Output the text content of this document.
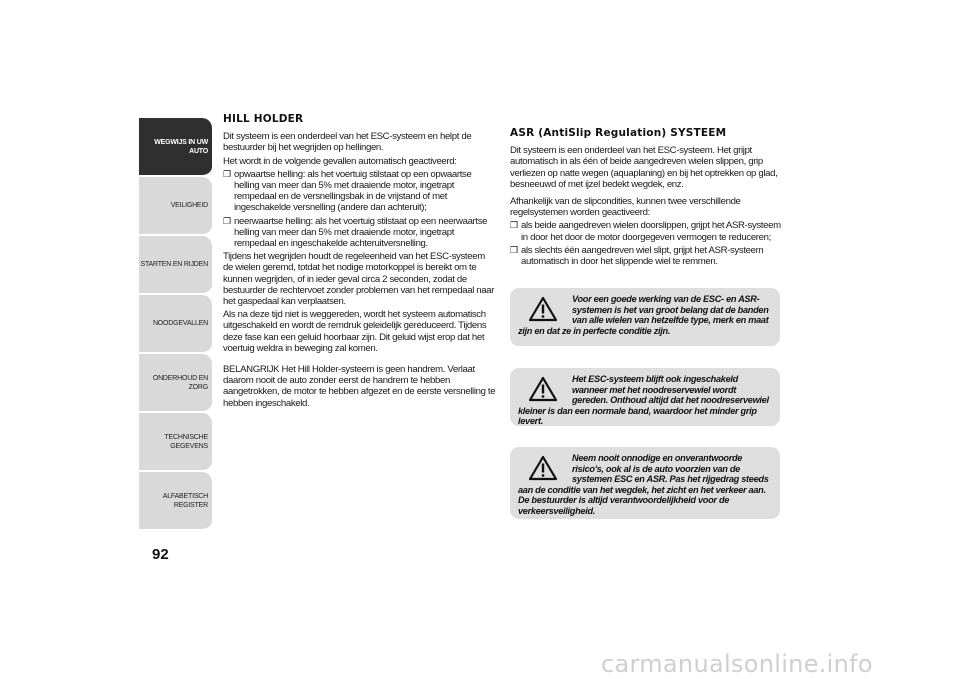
WEGWIJS IN UW
AUTO
VEILIGHEID
STARTEN EN RIJDEN
NOODGEVALLEN
ONDERHOUD EN
ZORG
TECHNISCHE
GEGEVENS
ALFABETISCH
REGISTER
92
HILL HOLDER

Dit systeem is een onderdeel van het ESC-systeem en helpt de bestuurder bij het wegrijden op hellingen.

Het wordt in de volgende gevallen automatisch geactiveerd:

❒ opwaartse helling: als het voertuig stilstaat op een opwaartse helling van meer dan 5% met draaiende motor, ingetrapt rempedaal en de versnellingsbak in de vrijstand of met ingeschakelde versnelling (andere dan achteruit);
❒ neerwaartse helling: als het voertuig stilstaat op een neerwaartse helling van meer dan 5% met draaiende motor, ingetrapt rempedaal en ingeschakelde achteruitversnelling.

Tijdens het wegrijden houdt de regeleenheid van het ESC-systeem de wielen geremd, totdat het nodige motorkoppel is bereikt om te kunnen wegrijden, of in ieder geval circa 2 seconden, zodat de bestuurder de rechtervoet zonder problemen van het rempedaal naar het gaspedaal kan verplaatsen.

Als na deze tijd niet is weggereden, wordt het systeem automatisch uitgeschakeld en wordt de remdruk geleidelijk gereduceerd. Tijdens deze fase kan een geluid hoorbaar zijn. Dit geluid wijst erop dat het voertuig weldra in beweging zal komen.

BELANGRIJK Het Hill Holder-systeem is geen handrem. Verlaat daarom nooit de auto zonder eerst de handrem te hebben aangetrokken, de motor te hebben afgezet en de eerste versnelling te hebben ingeschakeld.

ASR (AntiSlip Regulation) SYSTEEM

Dit systeem is een onderdeel van het ESC-systeem. Het grijpt automatisch in als één of beide aangedreven wielen slippen, grip verliezen op natte wegen (aquaplaning) en bij het optrekken op glad, besneeuwd of met ijzel bedekt wegdek, enz.

Afhankelijk van de slipcondities, kunnen twee verschillende regelsystemen worden geactiveerd:

❒ als beide aangedreven wielen doorslippen, grijpt het ASR-systeem in door het door de motor doorgegeven vermogen te reduceren;
❒ als slechts één aangedreven wiel slipt, grijpt het ASR-systeem automatisch in door het slippende wiel te remmen.
Voor een goede werking van de ESC- en ASR-systemen is het van groot belang dat de banden van alle wielen van hetzelfde type, merk en maat zijn en dat ze in perfecte conditie zijn.
Het ESC-systeem blijft ook ingeschakeld wanneer met het noodreservewiel wordt gereden. Onthoud altijd dat het noodreservewiel kleiner is dan een normale band, waardoor het minder grip levert.
Neem nooit onnodige en onverantwoorde risico's, ook al is de auto voorzien van de systemen ESC en ASR. Pas het rijgedrag steeds aan de conditie van het wegdek, het zicht en het verkeer aan. De bestuurder is altijd verantwoordelijkheid voor de verkeersveiligheid.
carmanualsonline.info
